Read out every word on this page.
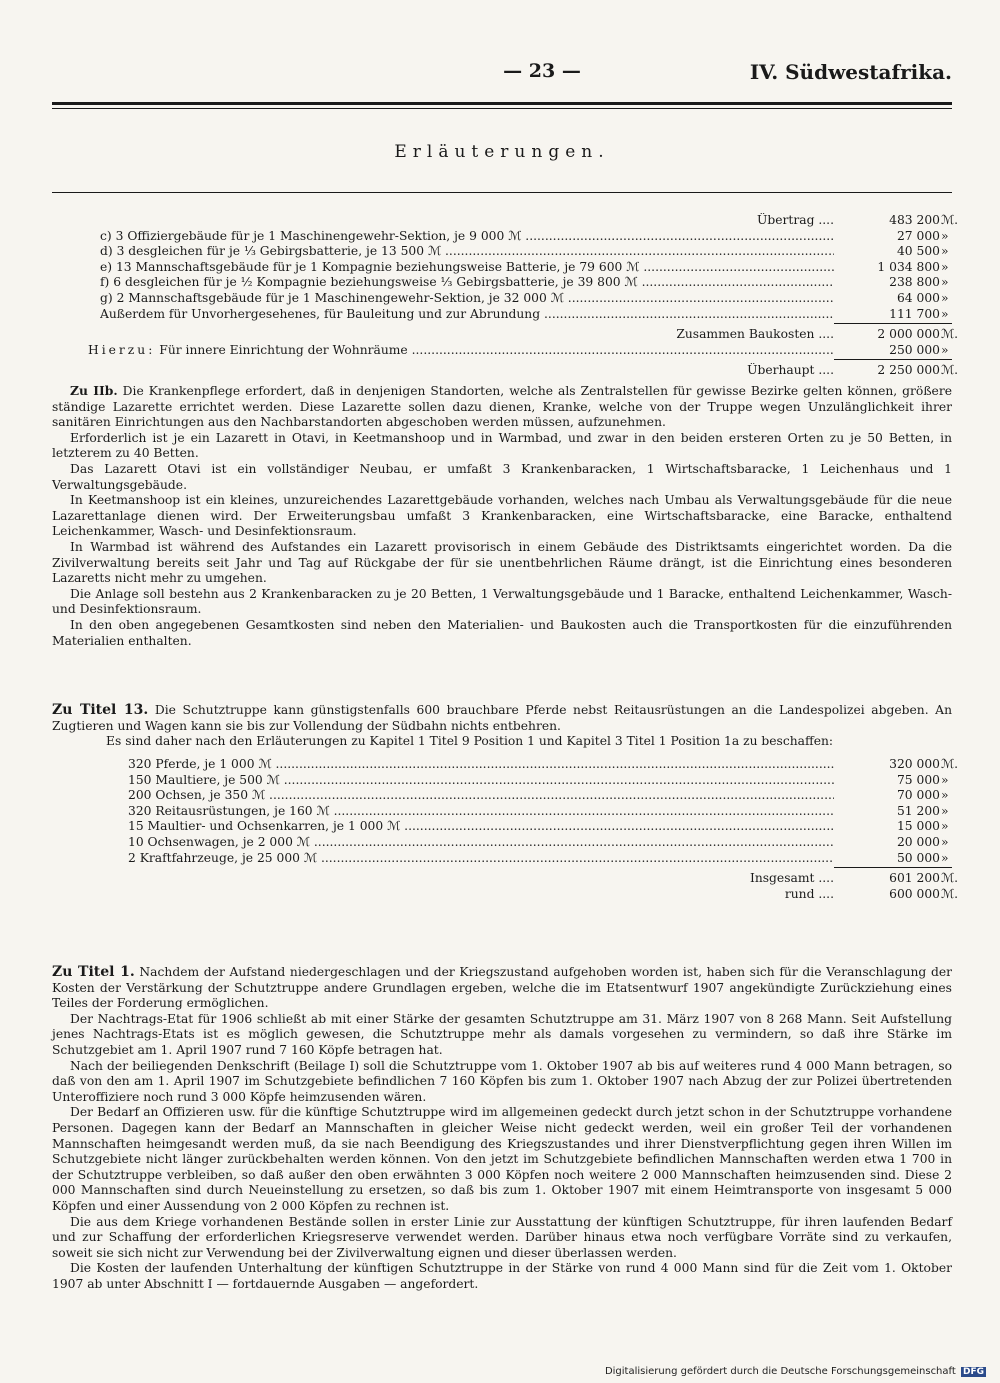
— 23 —	IV. Südwestafrika.
Erläuterungen.
Übertrag ....	483 200 ℳ.
c) 3 Offiziergebäude für je 1 Maschinengewehr-Sektion, je 9 000 ℳ .....	27 000 »
d) 3 desgleichen für je ⅓ Gebirgsbatterie, je 13 500 ℳ .....	40 500 »
e) 13 Mannschaftsgebäude für je 1 Kompagnie beziehungsweise Batterie, je 79 600 ℳ .....	1 034 800 »
f) 6 desgleichen für je ½ Kompagnie beziehungsweise ⅓ Gebirgsbatterie, je 39 800 ℳ .....	238 800 »
g) 2 Mannschaftsgebäude für je 1 Maschinengewehr-Sektion, je 32 000 ℳ .....	64 000 »
Außerdem für Unvorhergesehenes, für Bauleitung und zur Abrundung .....	111 700 »
Zusammen Baukosten ....	2 000 000 ℳ.
Hierzu: Für innere Einrichtung der Wohnräume .....	250 000 »
Überhaupt ....	2 250 000 ℳ.
Zu IIb. Die Krankenpflege erfordert, daß in denjenigen Standorten, welche als Zentralstellen für gewisse Bezirke gelten können, größere ständige Lazarette errichtet werden. Diese Lazarette sollen dazu dienen, Kranke, welche von der Truppe wegen Unzulänglichkeit ihrer sanitären Einrichtungen aus den Nachbarstandorten abgeschoben werden müssen, aufzunehmen.
Erforderlich ist je ein Lazarett in Otavi, in Keetmanshoop und in Warmbad, und zwar in den beiden ersteren Orten zu je 50 Betten, in letzterem zu 40 Betten.
Das Lazarett Otavi ist ein vollständiger Neubau, er umfaßt 3 Krankenbaracken, 1 Wirtschaftsbaracke, 1 Leichenhaus und 1 Verwaltungsgebäude.
In Keetmanshoop ist ein kleines, unzureichendes Lazarettgebäude vorhanden, welches nach Umbau als Verwaltungsgebäude für die neue Lazarettanlage dienen wird. Der Erweiterungsbau umfaßt 3 Krankenbaracken, eine Wirtschaftsbaracke, eine Baracke, enthaltend Leichenkammer, Wasch- und Desinfektionsraum.
In Warmbad ist während des Aufstandes ein Lazarett provisorisch in einem Gebäude des Distriktsamts eingerichtet worden. Da die Zivilverwaltung bereits seit Jahr und Tag auf Rückgabe der für sie unentbehrlichen Räume drängt, ist die Einrichtung eines besonderen Lazaretts nicht mehr zu umgehen.
Die Anlage soll bestehn aus 2 Krankenbaracken zu je 20 Betten, 1 Verwaltungsgebäude und 1 Baracke, enthaltend Leichenkammer, Wasch- und Desinfektionsraum.
In den oben angegebenen Gesamtkosten sind neben den Materialien- und Baukosten auch die Transportkosten für die einzuführenden Materialien enthalten.
Zu Titel 13. Die Schutztruppe kann günstigstenfalls 600 brauchbare Pferde nebst Reitausrüstungen an die Landespolizei abgeben. An Zugtieren und Wagen kann sie bis zur Vollendung der Südbahn nichts entbehren.
Es sind daher nach den Erläuterungen zu Kapitel 1 Titel 9 Position 1 und Kapitel 3 Titel 1 Position 1a zu beschaffen:
320 Pferde, je 1 000 ℳ .....	320 000 ℳ.
150 Maultiere, je 500 ℳ .....	75 000 »
200 Ochsen, je 350 ℳ .....	70 000 »
320 Reitausrüstungen, je 160 ℳ .....	51 200 »
15 Maultier- und Ochsenkarren, je 1 000 ℳ .....	15 000 »
10 Ochsenwagen, je 2 000 ℳ .....	20 000 »
2 Kraftfahrzeuge, je 25 000 ℳ .....	50 000 »
Insgesamt ....	601 200 ℳ.
rund ....	600 000 ℳ.
Zu Titel 1. Nachdem der Aufstand niedergeschlagen und der Kriegszustand aufgehoben worden ist, haben sich für die Veranschlagung der Kosten der Verstärkung der Schutztruppe andere Grundlagen ergeben, welche die im Etatsentwurf 1907 angekündigte Zurückziehung eines Teiles der Forderung ermöglichen.
Der Nachtrags-Etat für 1906 schließt ab mit einer Stärke der gesamten Schutztruppe am 31. März 1907 von 8 268 Mann. Seit Aufstellung jenes Nachtrags-Etats ist es möglich gewesen, die Schutztruppe mehr als damals vorgesehen zu vermindern, so daß ihre Stärke im Schutzgebiet am 1. April 1907 rund 7 160 Köpfe betragen hat.
Nach der beiliegenden Denkschrift (Beilage I) soll die Schutztruppe vom 1. Oktober 1907 ab bis auf weiteres rund 4 000 Mann betragen, so daß von den am 1. April 1907 im Schutzgebiete befindlichen 7 160 Köpfen bis zum 1. Oktober 1907 nach Abzug der zur Polizei übertretenden Unteroffiziere noch rund 3 000 Köpfe heimzusenden wären.
Der Bedarf an Offizieren usw. für die künftige Schutztruppe wird im allgemeinen gedeckt durch jetzt schon in der Schutztruppe vorhandene Personen. Dagegen kann der Bedarf an Mannschaften in gleicher Weise nicht gedeckt werden, weil ein großer Teil der vorhandenen Mannschaften heimgesandt werden muß, da sie nach Beendigung des Kriegszustandes und ihrer Dienstverpflichtung gegen ihren Willen im Schutzgebiete nicht länger zurückbehalten werden können. Von den jetzt im Schutzgebiete befindlichen Mannschaften werden etwa 1 700 in der Schutztruppe verbleiben, so daß außer den oben erwähnten 3 000 Köpfen noch weitere 2 000 Mannschaften heimzusenden sind. Diese 2 000 Mannschaften sind durch Neueinstellung zu ersetzen, so daß bis zum 1. Oktober 1907 mit einem Heimtransporte von insgesamt 5 000 Köpfen und einer Aussendung von 2 000 Köpfen zu rechnen ist.
Die aus dem Kriege vorhandenen Bestände sollen in erster Linie zur Ausstattung der künftigen Schutztruppe, für ihren laufenden Bedarf und zur Schaffung der erforderlichen Kriegsreserve verwendet werden. Darüber hinaus etwa noch verfügbare Vorräte sind zu verkaufen, soweit sie sich nicht zur Verwendung bei der Zivilverwaltung eignen und dieser überlassen werden.
Die Kosten der laufenden Unterhaltung der künftigen Schutztruppe in der Stärke von rund 4 000 Mann sind für die Zeit vom 1. Oktober 1907 ab unter Abschnitt I — fortdauernde Ausgaben — angefordert.
Digitalisierung gefördert durch die Deutsche Forschungsgemeinschaft DFG
